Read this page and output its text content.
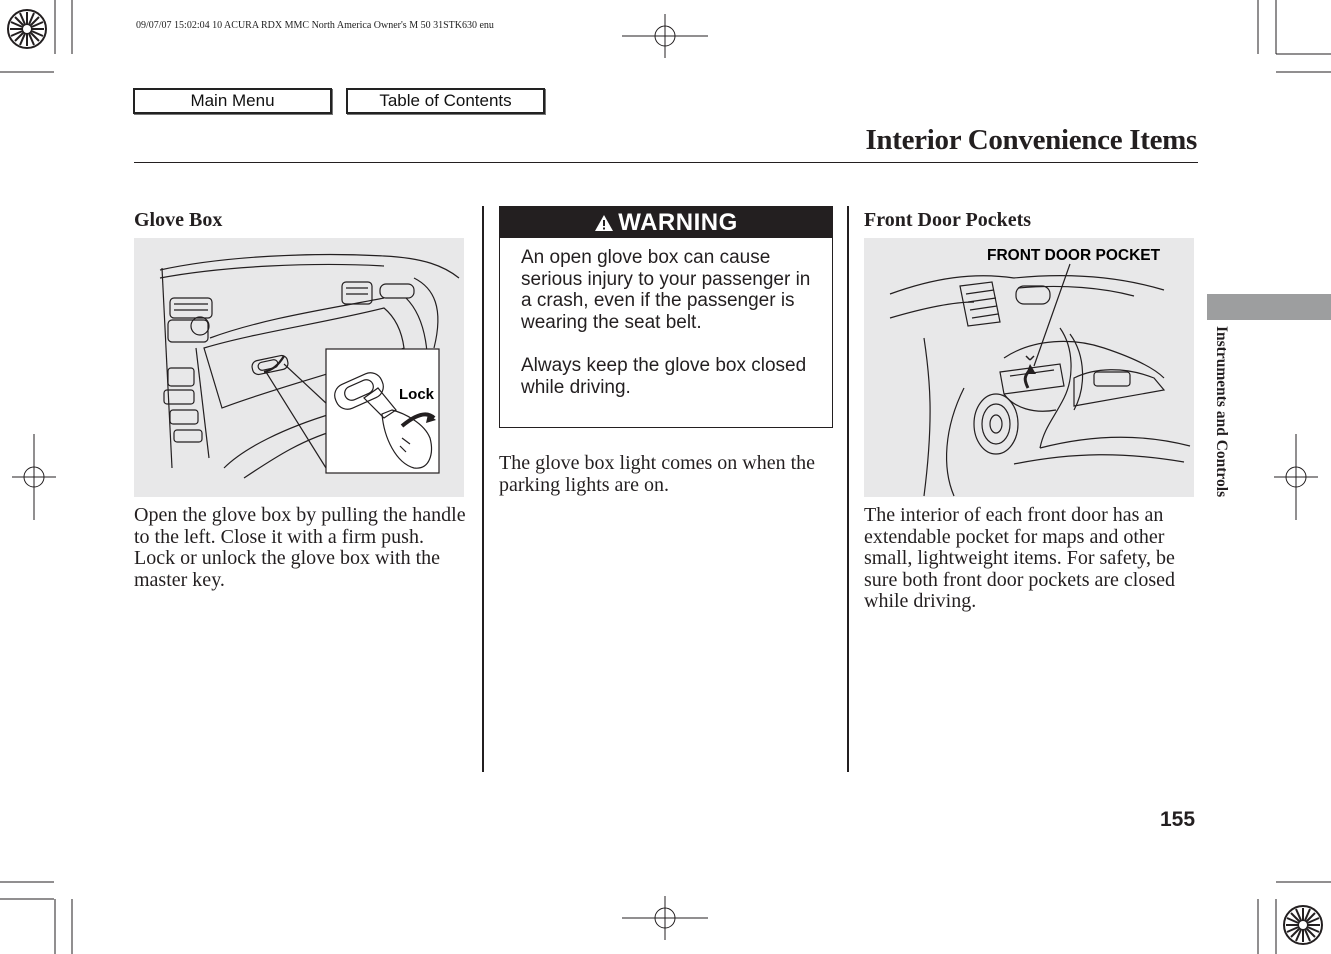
09/07/07 15:02:04 10 ACURA RDX MMC North America Owner's M 50 31STK630 enu
Main Menu	Table of Contents
Interior Convenience Items
Glove Box
Lock
Open the glove box by pulling the handle to the left. Close it with a firm push. Lock or unlock the glove box with the master key.
WARNING
An open glove box can cause serious injury to your passenger in a crash, even if the passenger is wearing the seat belt.
Always keep the glove box closed while driving.
The glove box light comes on when the parking lights are on.
Front Door Pockets
FRONT DOOR POCKET
The interior of each front door has an extendable pocket for maps and other small, lightweight items. For safety, be sure both front door pockets are closed while driving.
Instruments and Controls
155
